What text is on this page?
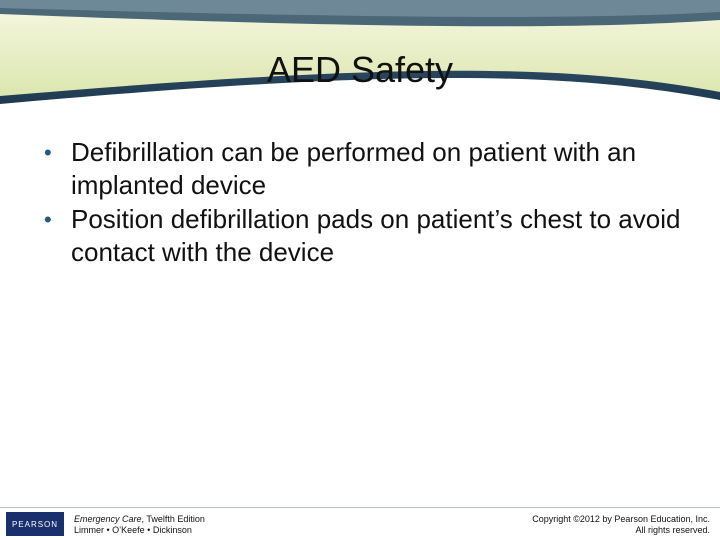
AED Safety
• Defibrillation can be performed on patient with an implanted device
• Position defibrillation pads on patient’s chest to avoid contact with the device
PEARSON Emergency Care, Twelfth Edition
Limmer • O’Keefe • Dickinson
Copyright ©2012 by Pearson Education, Inc.
All rights reserved.
